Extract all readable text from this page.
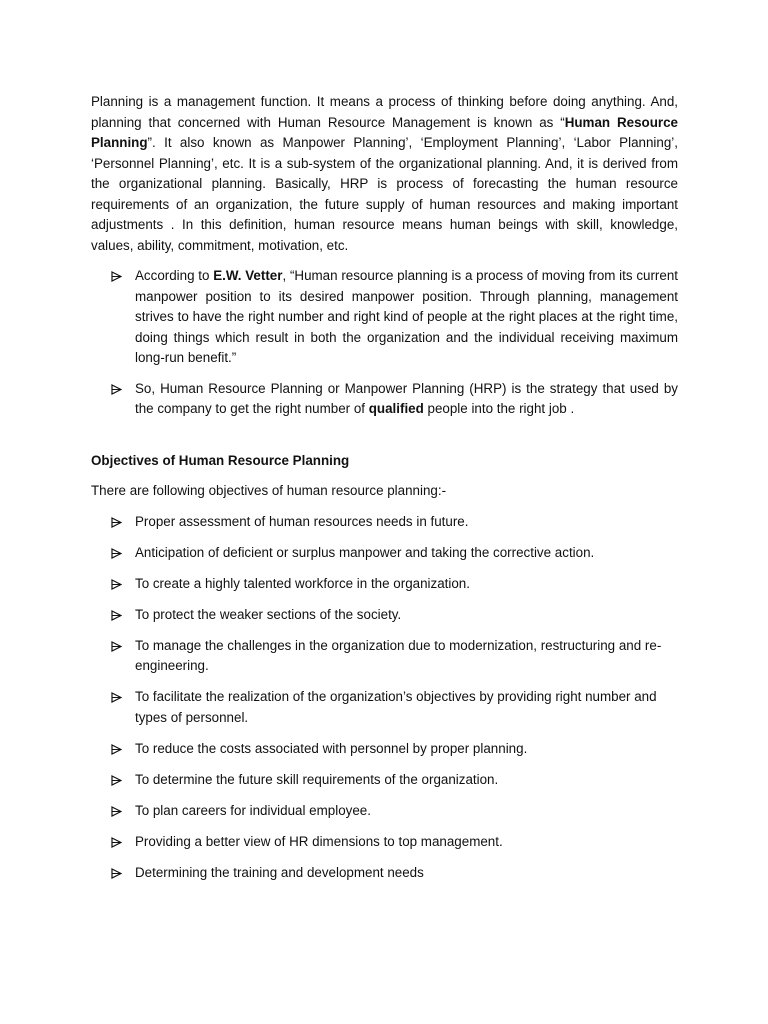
Planning is a management function. It means a process of thinking before doing anything. And, planning that concerned with Human Resource Management is known as “Human Resource Planning”. It also known as Manpower Planning’, ‘Employment Planning’, ‘Labor Planning’, ‘Personnel Planning’, etc. It is a sub-system of the organizational planning. And, it is derived from the organizational planning. Basically, HRP is process of forecasting the human resource requirements of an organization, the future supply of human resources and making important adjustments . In this definition, human resource means human beings with skill, knowledge, values, ability, commitment, motivation, etc.

According to E.W. Vetter, “Human resource planning is a process of moving from its current manpower position to its desired manpower position. Through planning, management strives to have the right number and right kind of people at the right places at the right time, doing things which result in both the organization and the individual receiving maximum long-run benefit.”
So, Human Resource Planning or Manpower Planning (HRP) is the strategy that used by the company to get the right number of qualified people into the right job .

Objectives of Human Resource Planning

There are following objectives of human resource planning:-

Proper assessment of human resources needs in future.
Anticipation of deficient or surplus manpower and taking the corrective action.
To create a highly talented workforce in the organization.
To protect the weaker sections of the society.
To manage the challenges in the organization due to modernization, restructuring and re-engineering.
To facilitate the realization of the organization’s objectives by providing right number and types of personnel.
To reduce the costs associated with personnel by proper planning.
To determine the future skill requirements of the organization.
To plan careers for individual employee.
Providing a better view of HR dimensions to top management.
Determining the training and development needs
